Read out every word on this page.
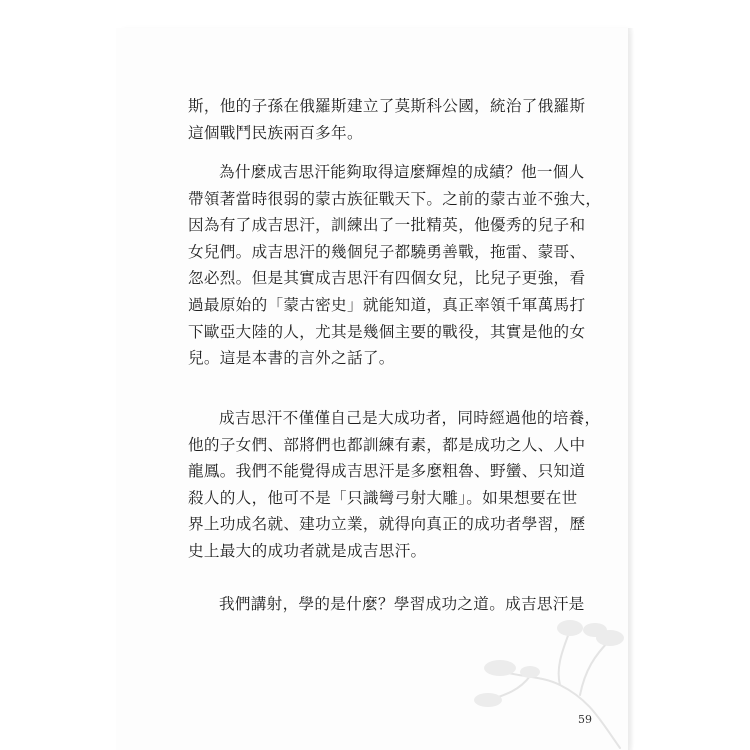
斯，他的子孫在俄羅斯建立了莫斯科公國，統治了俄羅斯
這個戰鬥民族兩百多年。
為什麼成吉思汗能夠取得這麼輝煌的成績？他一個人
帶領著當時很弱的蒙古族征戰天下。之前的蒙古並不強大，
因為有了成吉思汗，訓練出了一批精英，他優秀的兒子和
女兒們。成吉思汗的幾個兒子都驍勇善戰，拖雷、蒙哥、
忽必烈。但是其實成吉思汗有四個女兒，比兒子更強，看
過最原始的「蒙古密史」就能知道，真正率領千軍萬馬打
下歐亞大陸的人，尤其是幾個主要的戰役，其實是他的女
兒。這是本書的言外之話了。
成吉思汗不僅僅自己是大成功者，同時經過他的培養，
他的子女們、部將們也都訓練有素，都是成功之人、人中
龍鳳。我們不能覺得成吉思汗是多麼粗魯、野蠻、只知道
殺人的人，他可不是「只識彎弓射大雕」。如果想要在世
界上功成名就、建功立業，就得向真正的成功者學習，歷
史上最大的成功者就是成吉思汗。
我們講射，學的是什麼？學習成功之道。成吉思汗是
59
